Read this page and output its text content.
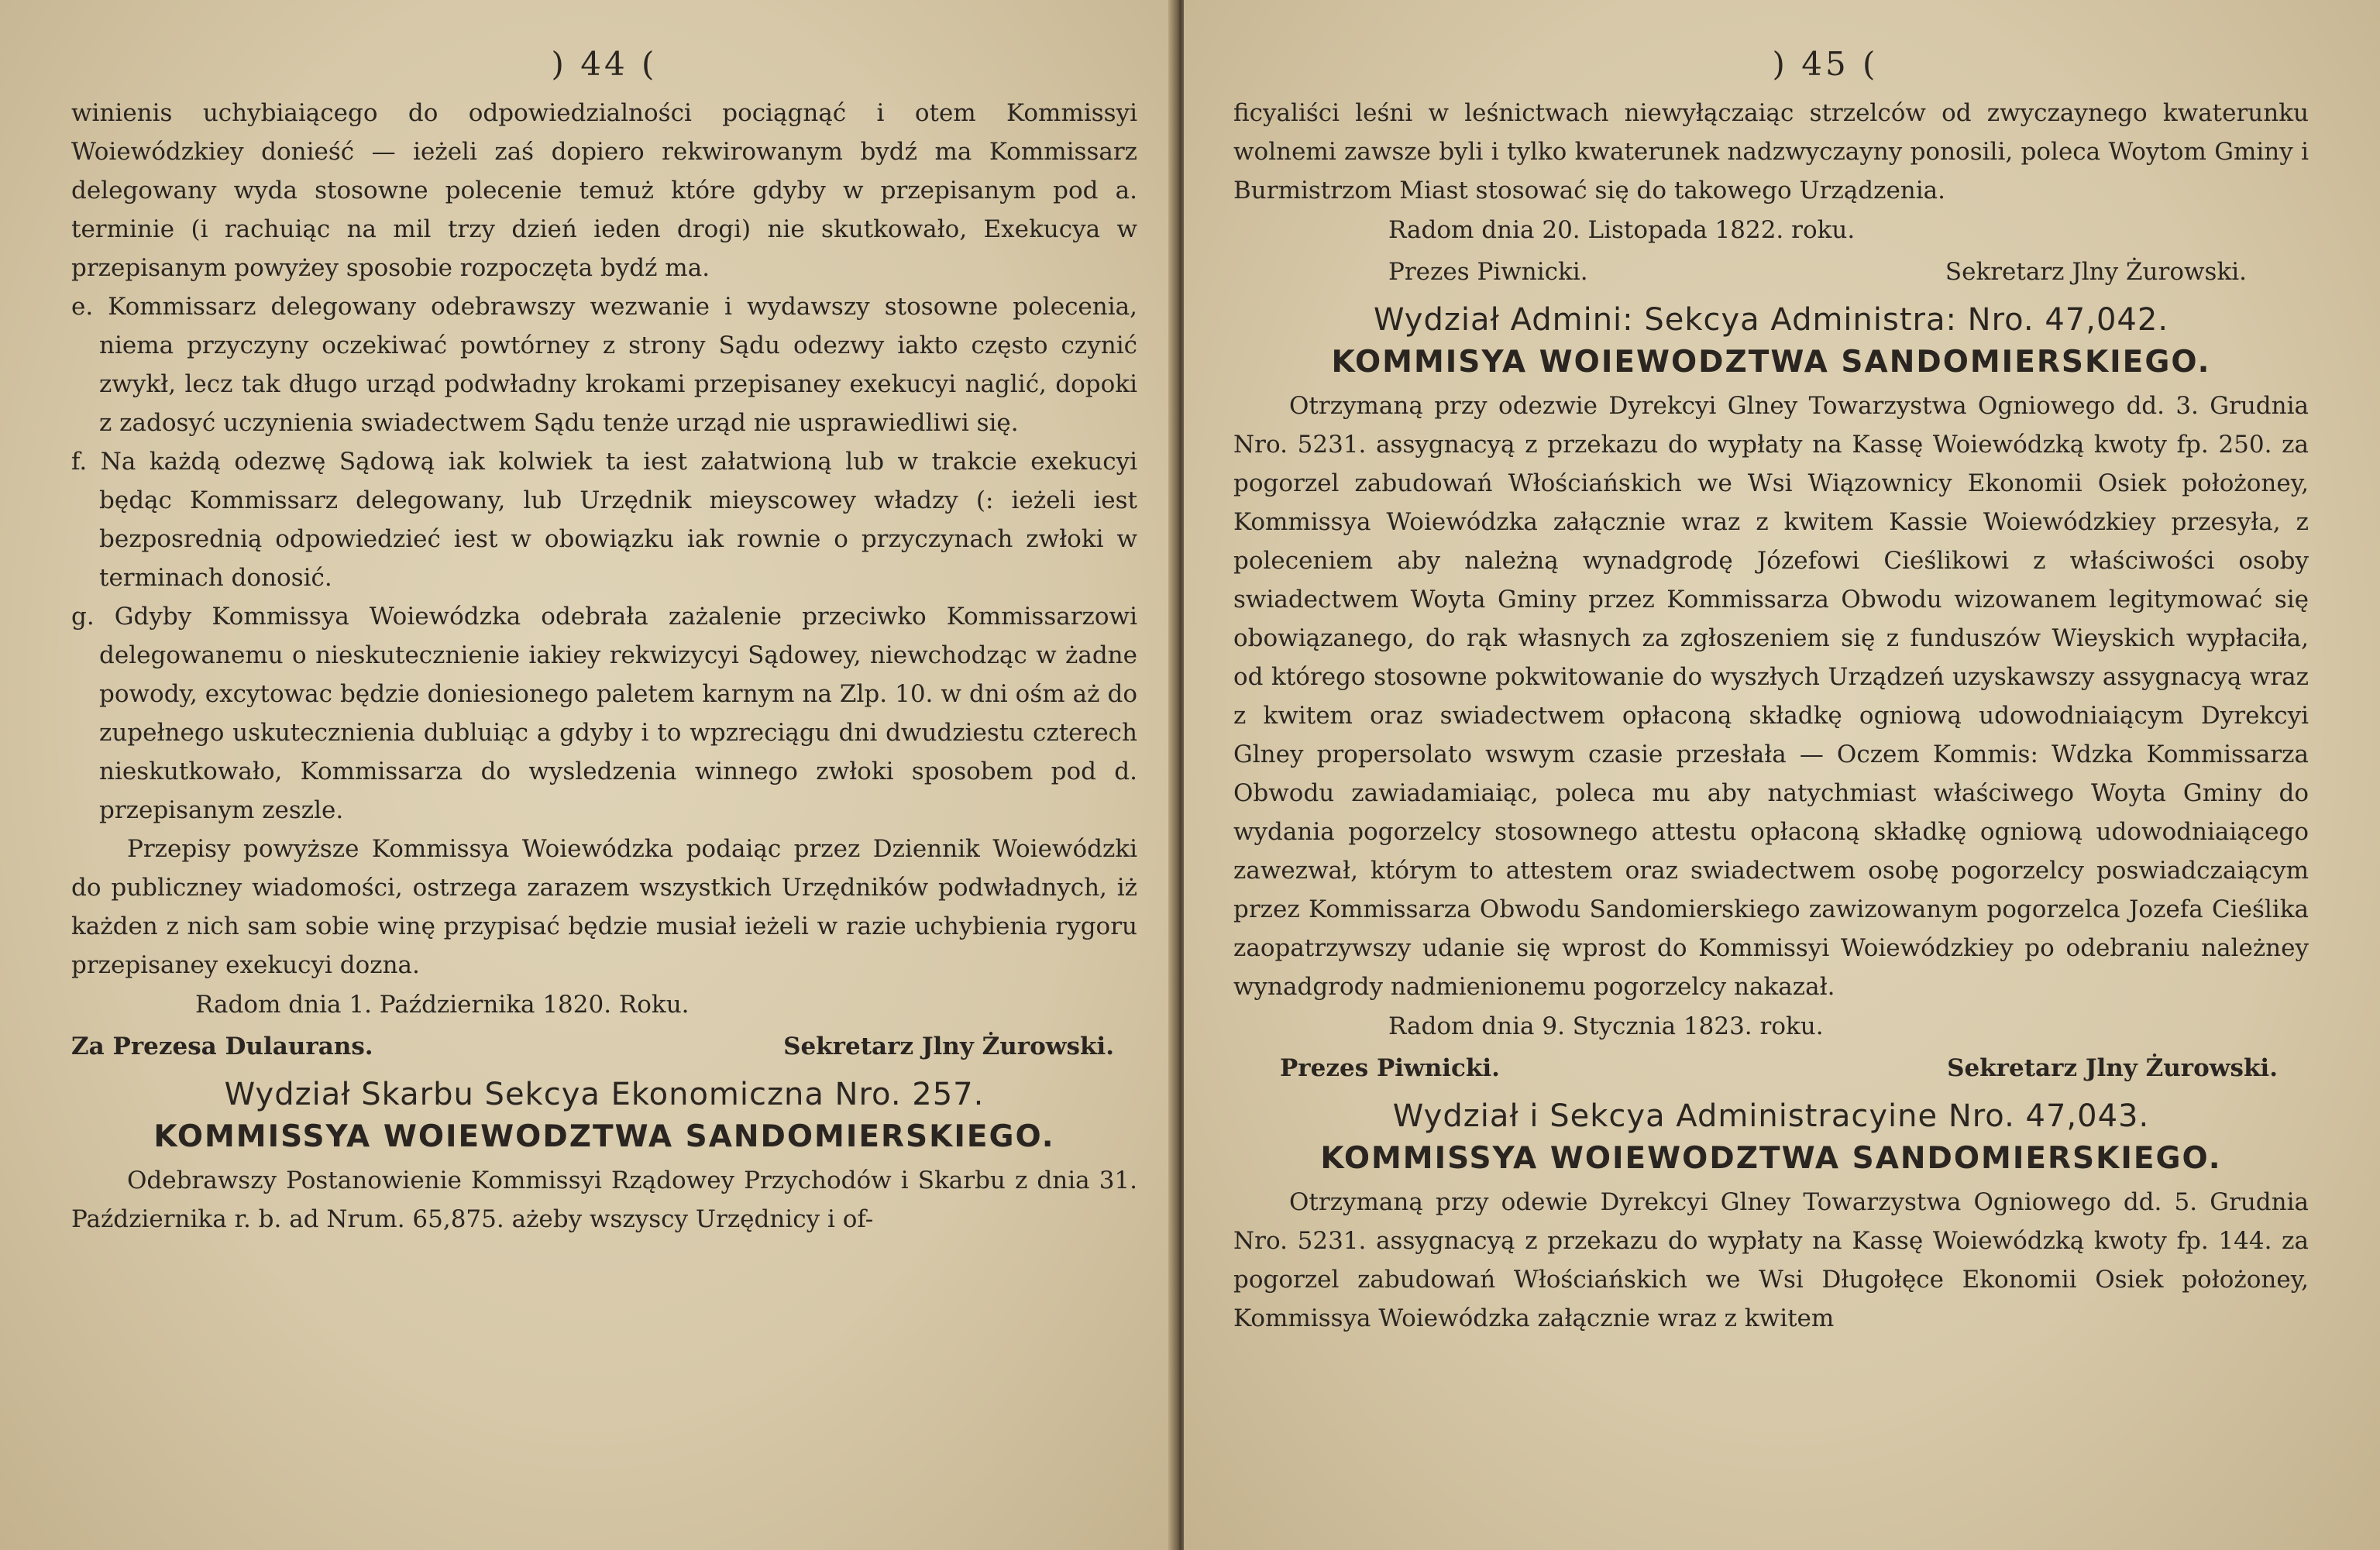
) 44 (

winienis uchybiaiącego do odpowiedzialności pociągnąć i otem Kommissyi Woiewódzkiey donieść — ieżeli zaś dopiero rekwirowanym bydź ma Kommissarz delegowany wyda stosowne polecenie temuż które gdyby w przepisanym pod a. terminie (i rachuiąc na mil trzy dzień ieden drogi) nie skutkowało, Exekucya w przepisanym powyżey sposobie rozpoczęta bydź ma.

e. Kommissarz delegowany odebrawszy wezwanie i wydawszy stosowne polecenia, niema przyczyny oczekiwać powtórney z strony Sądu odezwy iakto często czynić zwykł, lecz tak długo urząd podwładny krokami przepisaney exekucyi naglić, dopoki z zadosyć uczynienia swiadectwem Sądu tenże urząd nie usprawiedliwi się.

f. Na każdą odezwę Sądową iak kolwiek ta iest załatwioną lub w trakcie exekucyi będąc Kommissarz delegowany, lub Urzędnik mieyscowey władzy (: ieżeli iest bezposrednią odpowiedzieć iest w obowiązku iak rownie o przyczynach zwłoki w terminach donosić.

g. Gdyby Kommissya Woiewódzka odebrała zażalenie przeciwko Kommissarzowi delegowanemu o nieskutecznienie iakiey rekwizycyi Sądowey, niewchodząc w żadne powody, excytowac będzie doniesionego paletem karnym na Zlp. 10. w dni ośm aż do zupełnego uskutecznienia dubluiąc a gdyby i to wpzreciągu dni dwudziestu czterech nieskutkowało, Kommissarza do wysledzenia winnego zwłoki sposobem pod d. przepisanym zeszle.

Przepisy powyższe Kommissya Woiewódzka podaiąc przez Dziennik Woiewódzki do publiczney wiadomości, ostrzega zarazem wszystkich Urzędników podwładnych, iż każden z nich sam sobie winę przypisać będzie musiał ieżeli w razie uchybienia rygoru przepisaney exekucyi dozna.

Radom dnia 1. Października 1820. Roku.

Za Prezesa Dulaurans.	Sekretarz Jlny Żurowski.
Wydział Skarbu Sekcya Ekonomiczna Nro. 257.
KOMMISSYA WOIEWODZTWA SANDOMIERSKIEGO.

Odebrawszy Postanowienie Kommissyi Rządowey Przychodów i Skarbu z dnia 31. Października r. b. ad Nrum. 65,875. ażeby wszyscy Urzędnicy i of-

) 45 (

ficyaliści leśni w leśnictwach niewyłączaiąc strzelców od zwyczaynego kwaterunku wolnemi zawsze byli i tylko kwaterunek nadzwyczayny ponosili, poleca Woytom Gminy i Burmistrzom Miast stosować się do takowego Urządzenia.

Radom dnia 20. Listopada 1822. roku.

Prezes Piwnicki.	Sekretarz Jlny Żurowski.
Wydział Admini: Sekcya Administra: Nro. 47,042.
KOMMISYA WOIEWODZTWA SANDOMIERSKIEGO.

Otrzymaną przy odezwie Dyrekcyi Glney Towarzystwa Ogniowego dd. 3. Grudnia Nro. 5231. assygnacyą z przekazu do wypłaty na Kassę Woiewódzką kwoty fp. 250. za pogorzel zabudowań Włościańskich we Wsi Wiązownicy Ekonomii Osiek położoney, Kommissya Woiewódzka załącznie wraz z kwitem Kassie Woiewódzkiey przesyła, z poleceniem aby należną wynadgrodę Józefowi Cieślikowi z właściwości osoby swiadectwem Woyta Gminy przez Kommissarza Obwodu wizowanem legitymować się obowiązanego, do rąk własnych za zgłoszeniem się z funduszów Wieyskich wypłaciła, od którego stosowne pokwitowanie do wyszłych Urządzeń uzyskawszy assygnacyą wraz z kwitem oraz swiadectwem opłaconą składkę ogniową udowodniaiącym Dyrekcyi Glney propersolato wswym czasie przesłała — Oczem Kommis: Wdzka Kommissarza Obwodu zawiadamiaiąc, poleca mu aby natychmiast właściwego Woyta Gminy do wydania pogorzelcy stosownego attestu opłaconą składkę ogniową udowodniaiącego zawezwał, którym to attestem oraz swiadectwem osobę pogorzelcy poswiadczaiącym przez Kommissarza Obwodu Sandomierskiego zawizowanym pogorzelca Jozefa Cieślika zaopatrzywszy udanie się wprost do Kommissyi Woiewódzkiey po odebraniu należney wynadgrody nadmienionemu pogorzelcy nakazał.

Radom dnia 9. Stycznia 1823. roku.

Prezes Piwnicki.	Sekretarz Jlny Żurowski.
Wydział i Sekcya Administracyine Nro. 47,043.
KOMMISSYA WOIEWODZTWA SANDOMIERSKIEGO.

Otrzymaną przy odewie Dyrekcyi Glney Towarzystwa Ogniowego dd. 5. Grudnia Nro. 5231. assygnacyą z przekazu do wypłaty na Kassę Woiewódzką kwoty fp. 144. za pogorzel zabudowań Włościańskich we Wsi Długołęce Ekonomii Osiek położoney, Kommissya Woiewódzka załącznie wraz z kwitem
